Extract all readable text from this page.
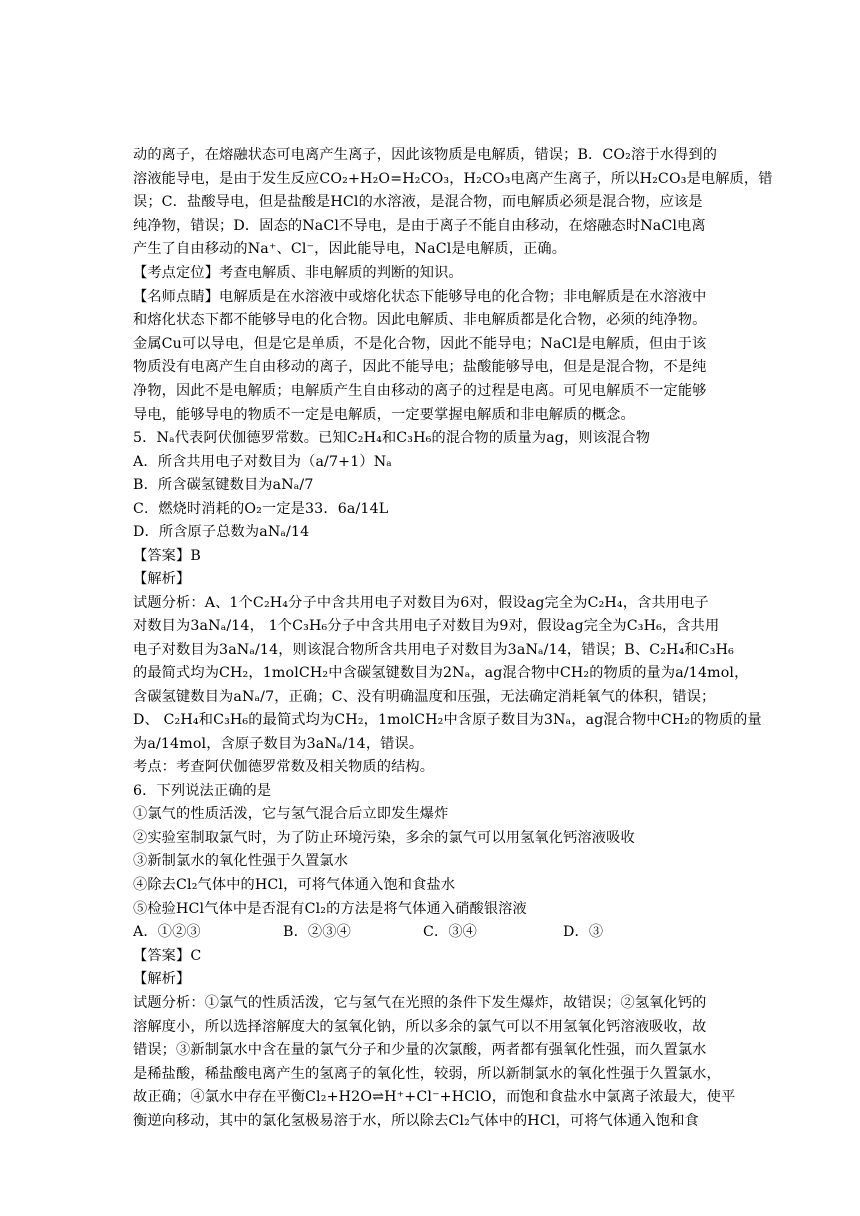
动的离子，在熔融状态可电离产生离子，因此该物质是电解质，错误；B．CO₂溶于水得到的
溶液能导电，是由于发生反应CO₂+H₂O=H₂CO₃，H₂CO₃电离产生离子，所以H₂CO₃是电解质，错
误；C．盐酸导电，但是盐酸是HCl的水溶液，是混合物，而电解质必须是混合物，应该是
纯净物，错误；D．固态的NaCl不导电，是由于离子不能自由移动，在熔融态时NaCl电离
产生了自由移动的Na⁺、Cl⁻，因此能导电，NaCl是电解质，正确。
【考点定位】考查电解质、非电解质的判断的知识。
【名师点睛】电解质是在水溶液中或熔化状态下能够导电的化合物；非电解质是在水溶液中
和熔化状态下都不能够导电的化合物。因此电解质、非电解质都是化合物，必须的纯净物。
金属Cu可以导电，但是它是单质，不是化合物，因此不能导电；NaCl是电解质，但由于该
物质没有电离产生自由移动的离子，因此不能导电；盐酸能够导电，但是是混合物，不是纯
净物，因此不是电解质；电解质产生自由移动的离子的过程是电离。可见电解质不一定能够
导电，能够导电的物质不一定是电解质，一定要掌握电解质和非电解质的概念。
5．Nₐ代表阿伏伽德罗常数。已知C₂H₄和C₃H₆的混合物的质量为ag，则该混合物
A．所含共用电子对数目为（a/7+1）Nₐ
B．所含碳氢键数目为aNₐ/7
C．燃烧时消耗的O₂一定是33．6a/14L
D．所含原子总数为aNₐ/14
【答案】B
【解析】
试题分析：A、1个C₂H₄分子中含共用电子对数目为6对，假设ag完全为C₂H₄，含共用电子
对数目为3aNₐ/14， 1个C₃H₆分子中含共用电子对数目为9对，假设ag完全为C₃H₆，含共用
电子对数目为3aNₐ/14，则该混合物所含共用电子对数目为3aNₐ/14，错误；B、C₂H₄和C₃H₆
的最简式均为CH₂，1molCH₂中含碳氢键数目为2Nₐ，ag混合物中CH₂的物质的量为a/14mol，
含碳氢键数目为aNₐ/7，正确；C、没有明确温度和压强，无法确定消耗氧气的体积，错误；
D、 C₂H₄和C₃H₆的最简式均为CH₂，1molCH₂中含原子数目为3Nₐ，ag混合物中CH₂的物质的量
为a/14mol，含原子数目为3aNₐ/14，错误。
考点：考查阿伏伽德罗常数及相关物质的结构。
6．下列说法正确的是
①氯气的性质活泼，它与氢气混合后立即发生爆炸
②实验室制取氯气时，为了防止环境污染，多余的氯气可以用氢氧化钙溶液吸收
③新制氯水的氧化性强于久置氯水
④除去Cl₂气体中的HCl，可将气体通入饱和食盐水
⑤检验HCl气体中是否混有Cl₂的方法是将气体通入硝酸银溶液
A．①②③	B．②③④	C．③④	D．③
【答案】C
【解析】
试题分析：①氯气的性质活泼，它与氢气在光照的条件下发生爆炸，故错误；②氢氧化钙的
溶解度小，所以选择溶解度大的氢氧化钠，所以多余的氯气可以不用氢氧化钙溶液吸收，故
错误；③新制氯水中含在量的氯气分子和少量的次氯酸，两者都有强氧化性强，而久置氯水
是稀盐酸，稀盐酸电离产生的氢离子的氧化性，较弱，所以新制氯水的氧化性强于久置氯水，
故正确；④氯水中存在平衡Cl₂+H2O⇌H⁺+Cl⁻+HClO，而饱和食盐水中氯离子浓最大，使平
衡逆向移动，其中的氯化氢极易溶于水，所以除去Cl₂气体中的HCl，可将气体通入饱和食
